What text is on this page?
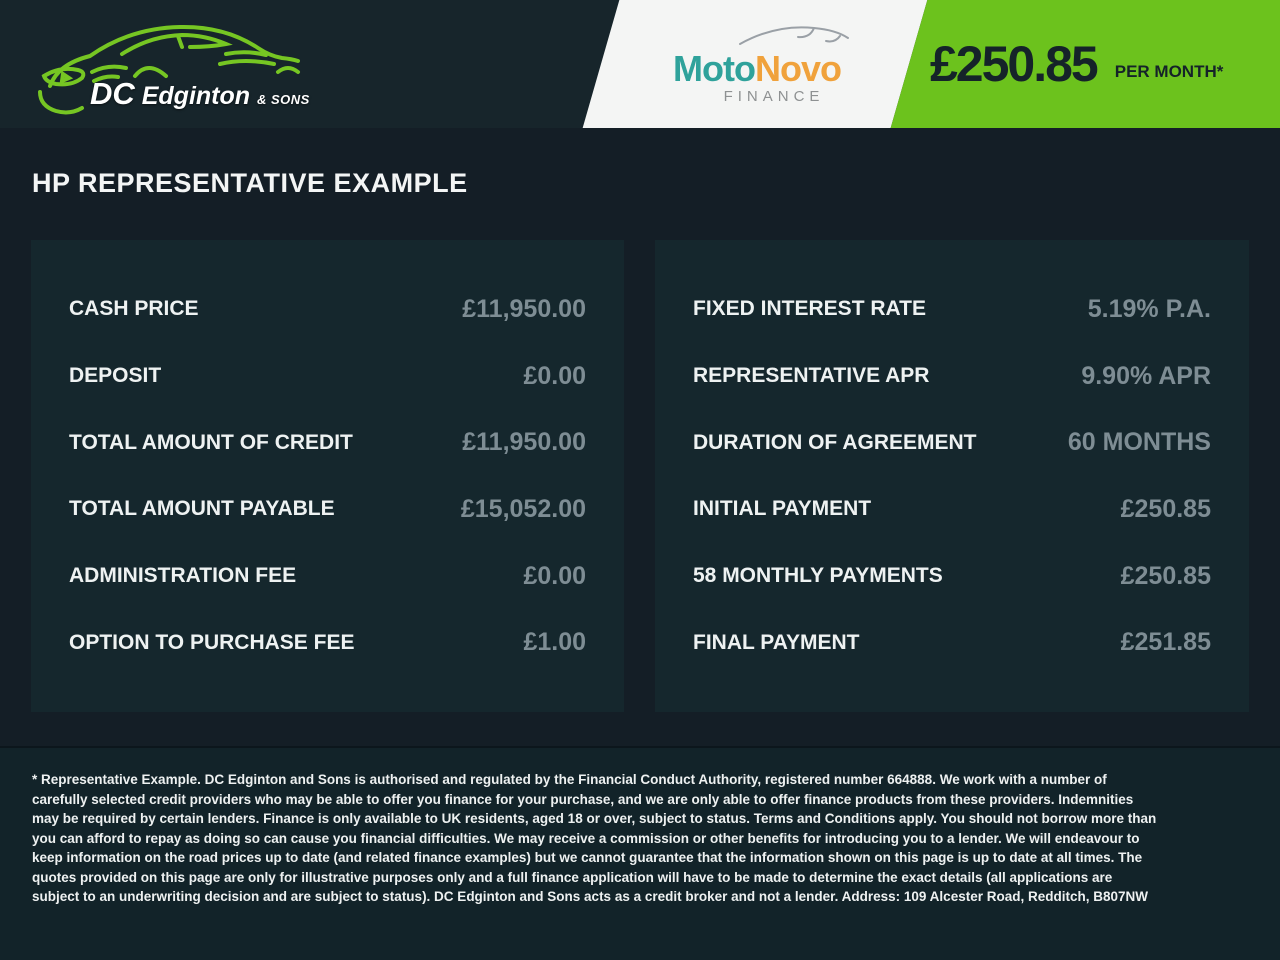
DC Edginton & SONS
MotoNovo
FINANCE
£250.85 PER MONTH*
HP REPRESENTATIVE EXAMPLE
CASH PRICE	£11,950.00
DEPOSIT	£0.00
TOTAL AMOUNT OF CREDIT	£11,950.00
TOTAL AMOUNT PAYABLE	£15,052.00
ADMINISTRATION FEE	£0.00
OPTION TO PURCHASE FEE	£1.00
FIXED INTEREST RATE	5.19% P.A.
REPRESENTATIVE APR	9.90% APR
DURATION OF AGREEMENT	60 MONTHS
INITIAL PAYMENT	£250.85
58 MONTHLY PAYMENTS	£250.85
FINAL PAYMENT	£251.85
* Representative Example. DC Edginton and Sons is authorised and regulated by the Financial Conduct Authority, registered number 664888. We work with a number of carefully selected credit providers who may be able to offer you finance for your purchase, and we are only able to offer finance products from these providers. Indemnities may be required by certain lenders. Finance is only available to UK residents, aged 18 or over, subject to status. Terms and Conditions apply. You should not borrow more than you can afford to repay as doing so can cause you financial difficulties. We may receive a commission or other benefits for introducing you to a lender. We will endeavour to keep information on the road prices up to date (and related finance examples) but we cannot guarantee that the information shown on this page is up to date at all times. The quotes provided on this page are only for illustrative purposes only and a full finance application will have to be made to determine the exact details (all applications are subject to an underwriting decision and are subject to status). DC Edginton and Sons acts as a credit broker and not a lender. Address: 109 Alcester Road, Redditch, B807NW
